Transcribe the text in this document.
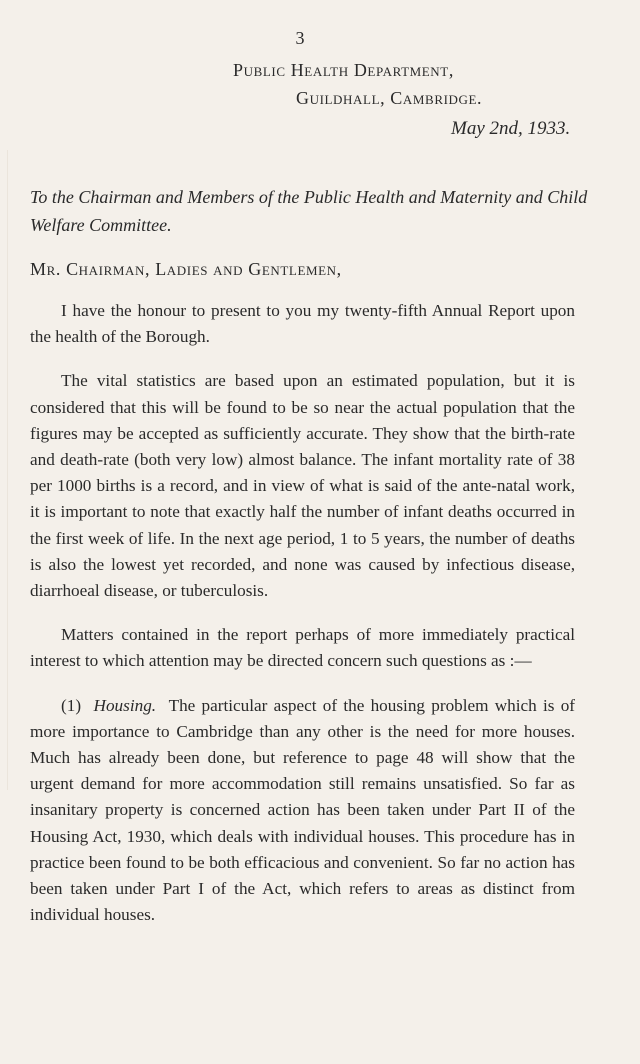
3
Public Health Department,
Guildhall, Cambridge.
May 2nd, 1933.
To the Chairman and Members of the Public Health and Maternity and Child Welfare Committee.
Mr. Chairman, Ladies and Gentlemen,

I have the honour to present to you my twenty-fifth Annual Report upon the health of the Borough.

The vital statistics are based upon an estimated population, but it is considered that this will be found to be so near the actual population that the figures may be accepted as sufficiently accurate. They show that the birth-rate and death-rate (both very low) almost balance. The infant mortality rate of 38 per 1000 births is a record, and in view of what is said of the ante-natal work, it is important to note that exactly half the number of infant deaths occurred in the first week of life. In the next age period, 1 to 5 years, the number of deaths is also the lowest yet recorded, and none was caused by infectious disease, diarrhoeal disease, or tuberculosis.

Matters contained in the report perhaps of more immediately practical interest to which attention may be directed concern such questions as :—

(1) Housing. The particular aspect of the housing problem which is of more importance to Cambridge than any other is the need for more houses. Much has already been done, but reference to page 48 will show that the urgent demand for more accommodation still remains unsatisfied. So far as insanitary property is concerned action has been taken under Part II of the Housing Act, 1930, which deals with individual houses. This procedure has in practice been found to be both efficacious and convenient. So far no action has been taken under Part I of the Act, which refers to areas as distinct from individual houses.
